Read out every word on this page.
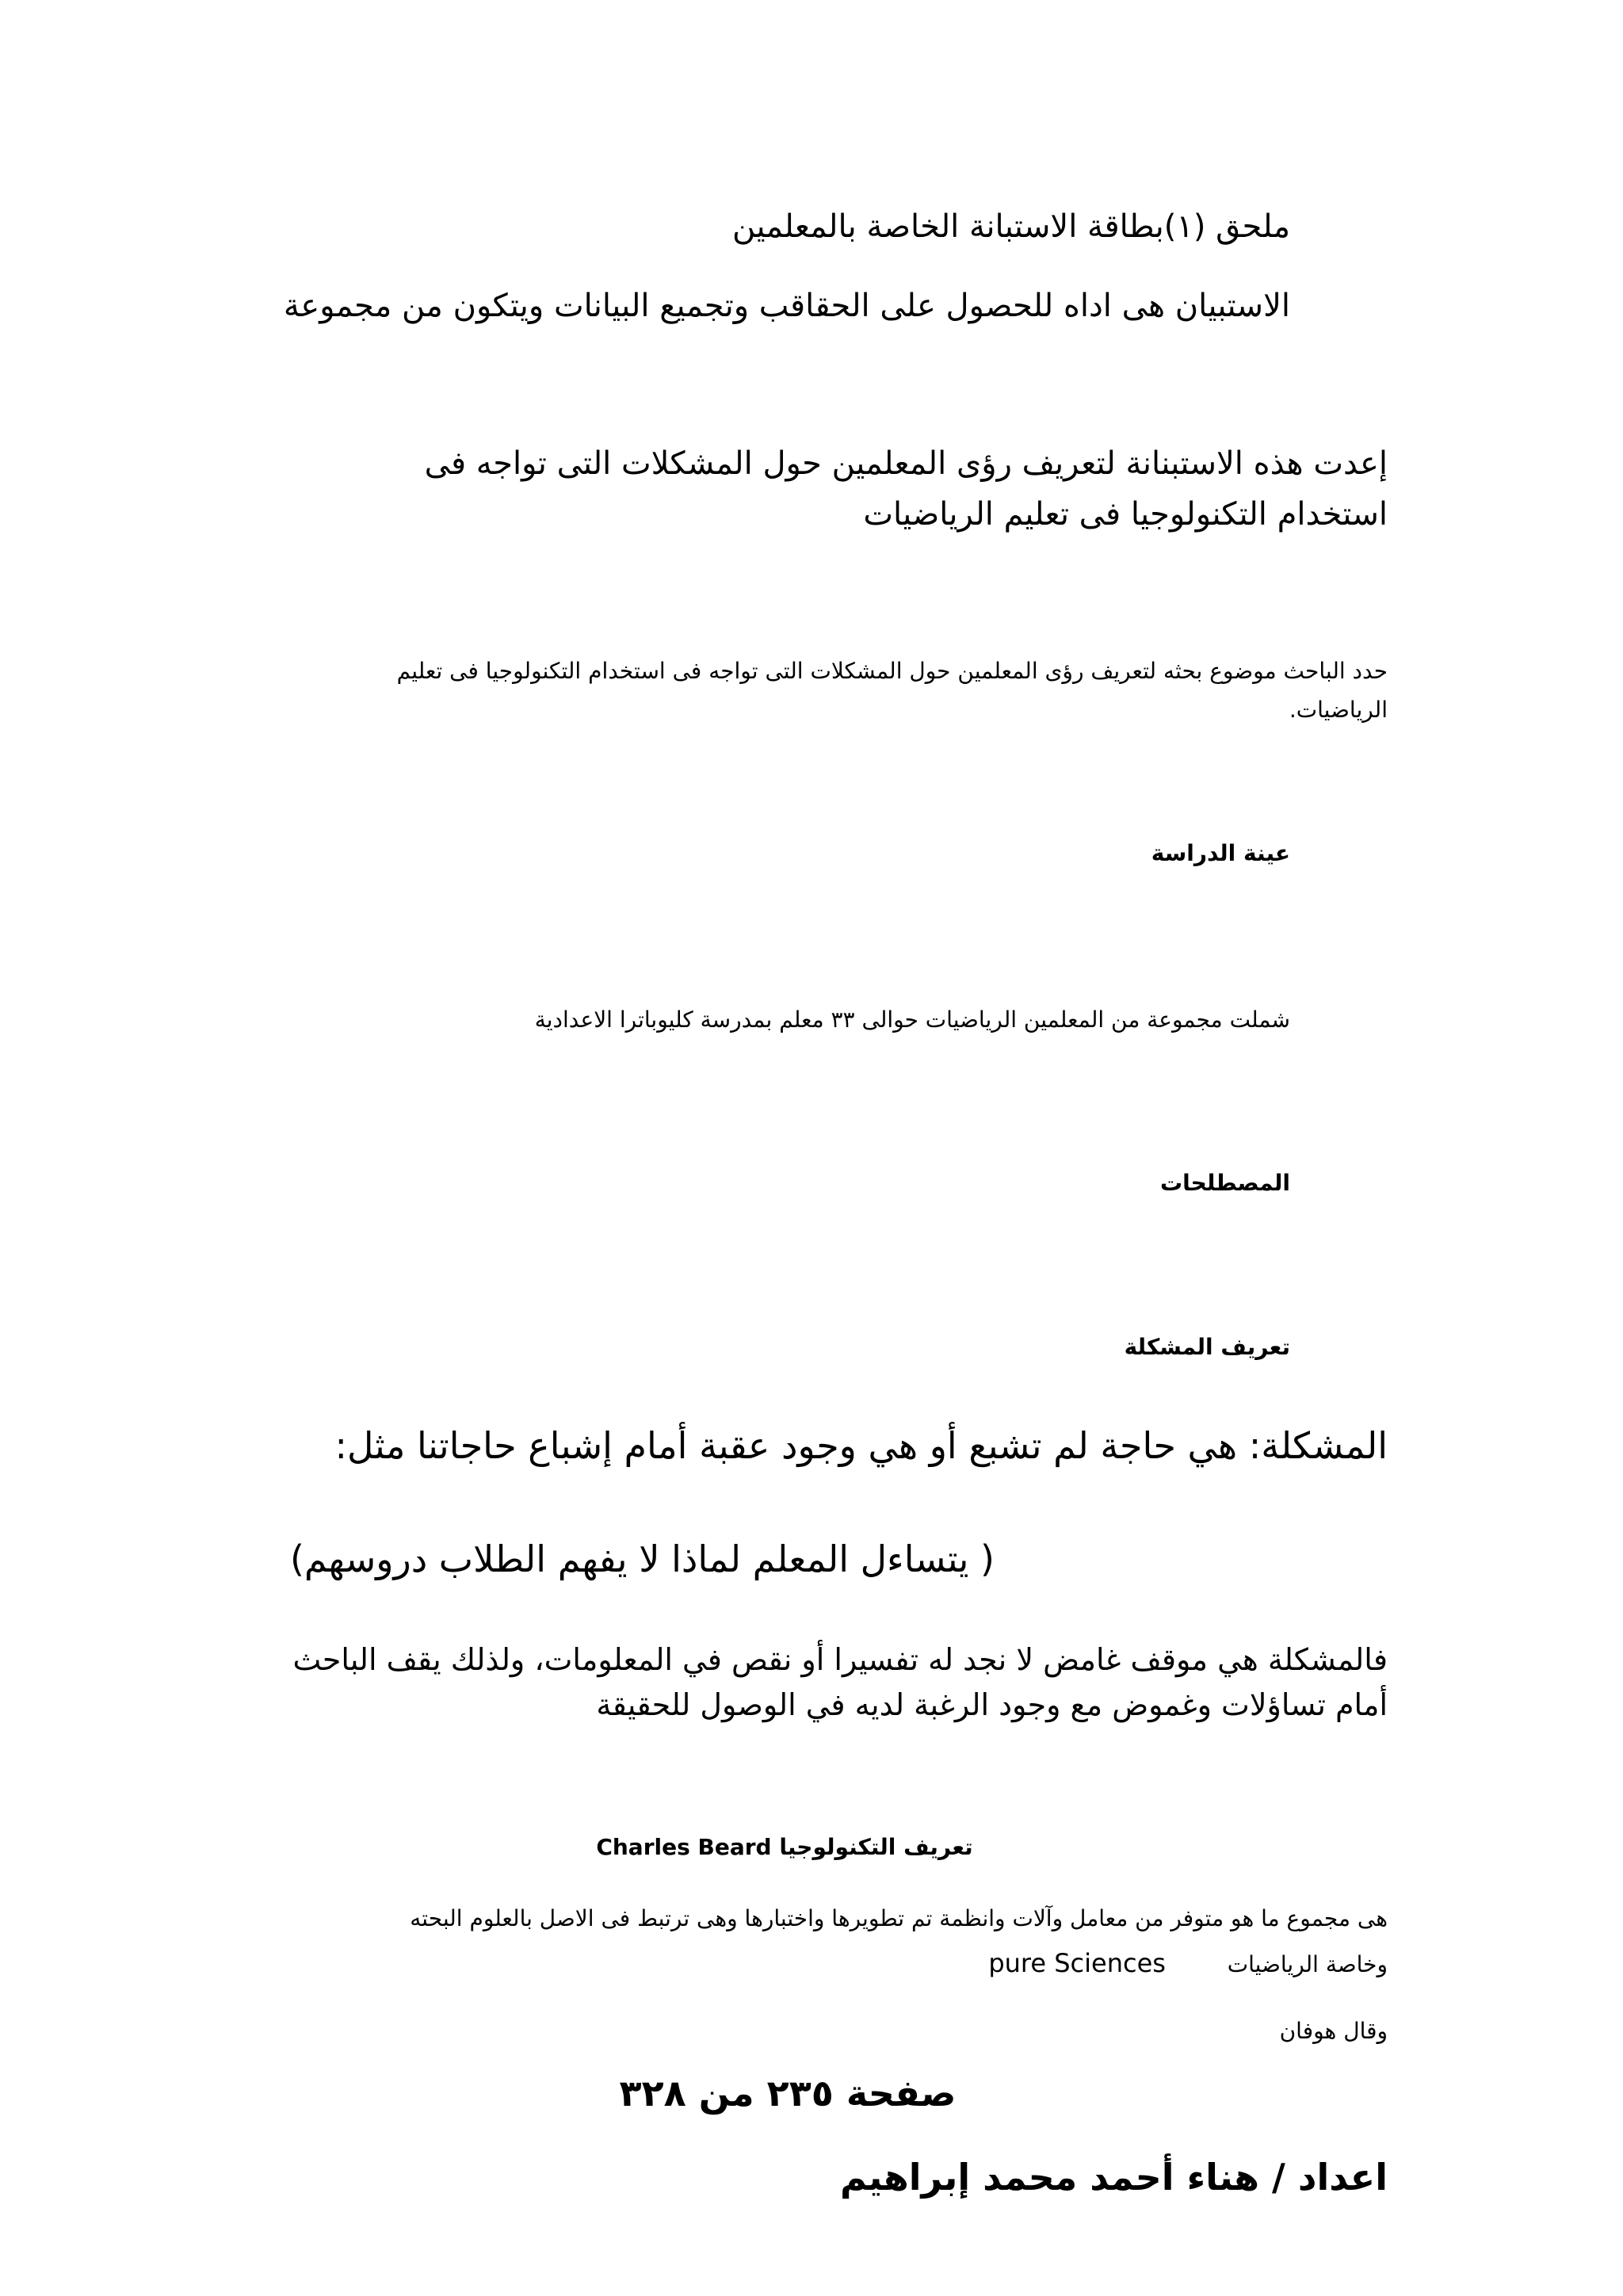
ملحق (١)بطاقة الاستبانة الخاصة بالمعلمين
الاستبيان هى اداه للحصول على الحقاقب وتجميع البيانات ويتكون من مجموعة
إعدت هذه الاستبنانة لتعريف رؤى المعلمين حول المشكلات التى تواجه فى استخدام التكنولوجيا فى تعليم الرياضيات
حدد الباحث موضوع بحثه لتعريف رؤى المعلمين حول المشكلات التى تواجه فى استخدام التكنولوجيا فى تعليم الرياضيات.
عينة الدراسة
شملت مجموعة من المعلمين الرياضيات حوالى ٣٣ معلم بمدرسة كليوباترا الاعدادية
المصطلحات
تعريف المشكلة
المشكلة: هي حاجة لم تشبع أو هي وجود عقبة أمام إشباع حاجاتنا مثل:
( يتساءل المعلم لماذا لا يفهم الطلاب دروسهم)
فالمشكلة هي موقف غامض لا نجد له تفسيرا أو نقص في المعلومات، ولذلك يقف الباحث أمام تساؤلات وغموض مع وجود الرغبة لديه في الوصول للحقيقة
تعريف التكنولوجيا Charles Beard
هى مجموع ما هو متوفر من معامل وآلات وانظمة تم تطويرها واختبارها وهى ترتبط فى الاصل بالعلوم البحته
وخاصة الرياضيات  pure Sciences
وقال هوفان
صفحة ٢٣٥ من ٣٢٨
اعداد / هناء أحمد محمد إبراهيم
